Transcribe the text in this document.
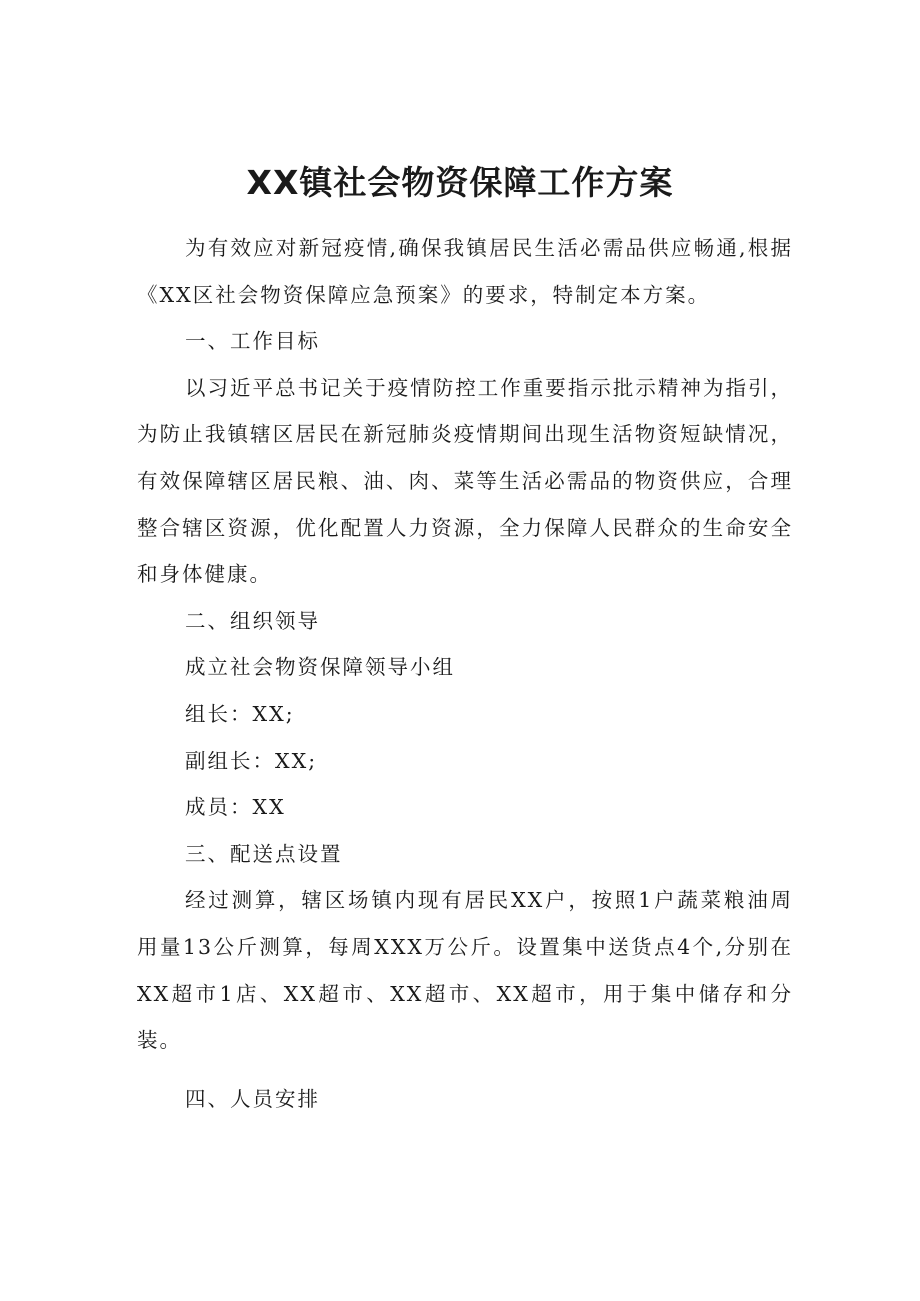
XX镇社会物资保障工作方案

为有效应对新冠疫情,确保我镇居民生活必需品供应畅通,根据《XX区社会物资保障应急预案》的要求，特制定本方案。

一、工作目标

以习近平总书记关于疫情防控工作重要指示批示精神为指引，为防止我镇辖区居民在新冠肺炎疫情期间出现生活物资短缺情况，有效保障辖区居民粮、油、肉、菜等生活必需品的物资供应，合理整合辖区资源，优化配置人力资源，全力保障人民群众的生命安全和身体健康。

二、组织领导

成立社会物资保障领导小组

组长：XX;

副组长：XX;

成员：XX

三、配送点设置

经过测算，辖区场镇内现有居民XX户，按照1户蔬菜粮油周用量13公斤测算，每周XXX万公斤。设置集中送货点4个,分别在XX超市1店、XX超市、XX超市、XX超市，用于集中储存和分装。

四、人员安排
